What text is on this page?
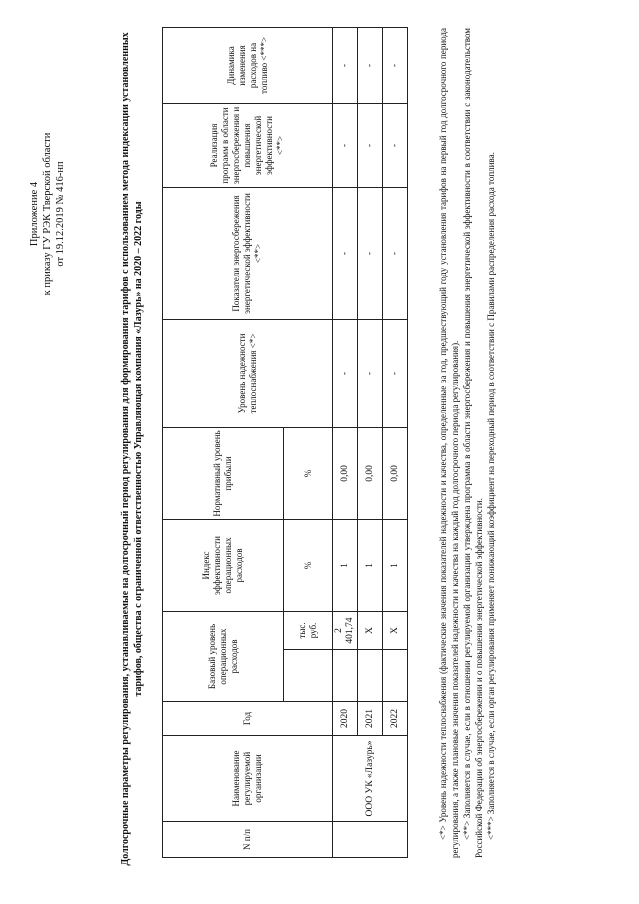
Приложение 4 к приказу ГУ РЭК Тверской области от 19.12.2019 № 416-нп	Долгосрочные параметры регулирования, устанавливаемые на долгосрочный период регулирования для формирования тарифов с использованием метода индексации установленных тарифов, общества с ограниченной ответственностью Управляющая компания «Лазурь» на 2020 – 2022 годы
N п/п	Наименование регулируемой организации	Год	Базовый уровень операционных расходов		Индекс эффективности операционных расходов	Нормативный уровень прибыли	Уровень надежности теплоснабжения <*>	Показатели энергосбережения энергетической эффективности <**>	Реализация программ в области энергосбережения и повышения энергетической эффективности <**>	Динамика изменения расходов на топливо <***>
				тыс. руб.	%	%				
	ООО УК «Лазурь»	2020		2 401,74	1	0,00	-	-	-	-
		2021		Х	1	0,00	-	-	-	-
		2022		Х	1	0,00	-	-	-	-	<*> Уровень надежности теплоснабжения (фактические значения показателей надежности и качества, определенные за год, предшествующий году установления тарифов на первый год долгосрочного периода регулирования, а также плановые значения показателей надежности и качества на каждый год долгосрочного периода регулирования). <**> Заполняется в случае, если в отношении регулируемой организации утверждена программа в области энергосбережения и повышения энергетической эффективности в соответствии с законодательством Российской Федерации об энергосбережении и о повышении энергетической эффективности. <***> Заполняется в случае, если орган регулирования применяет понижающий коэффициент на переходный период в соответствии с Правилами распределения расхода топлива.
